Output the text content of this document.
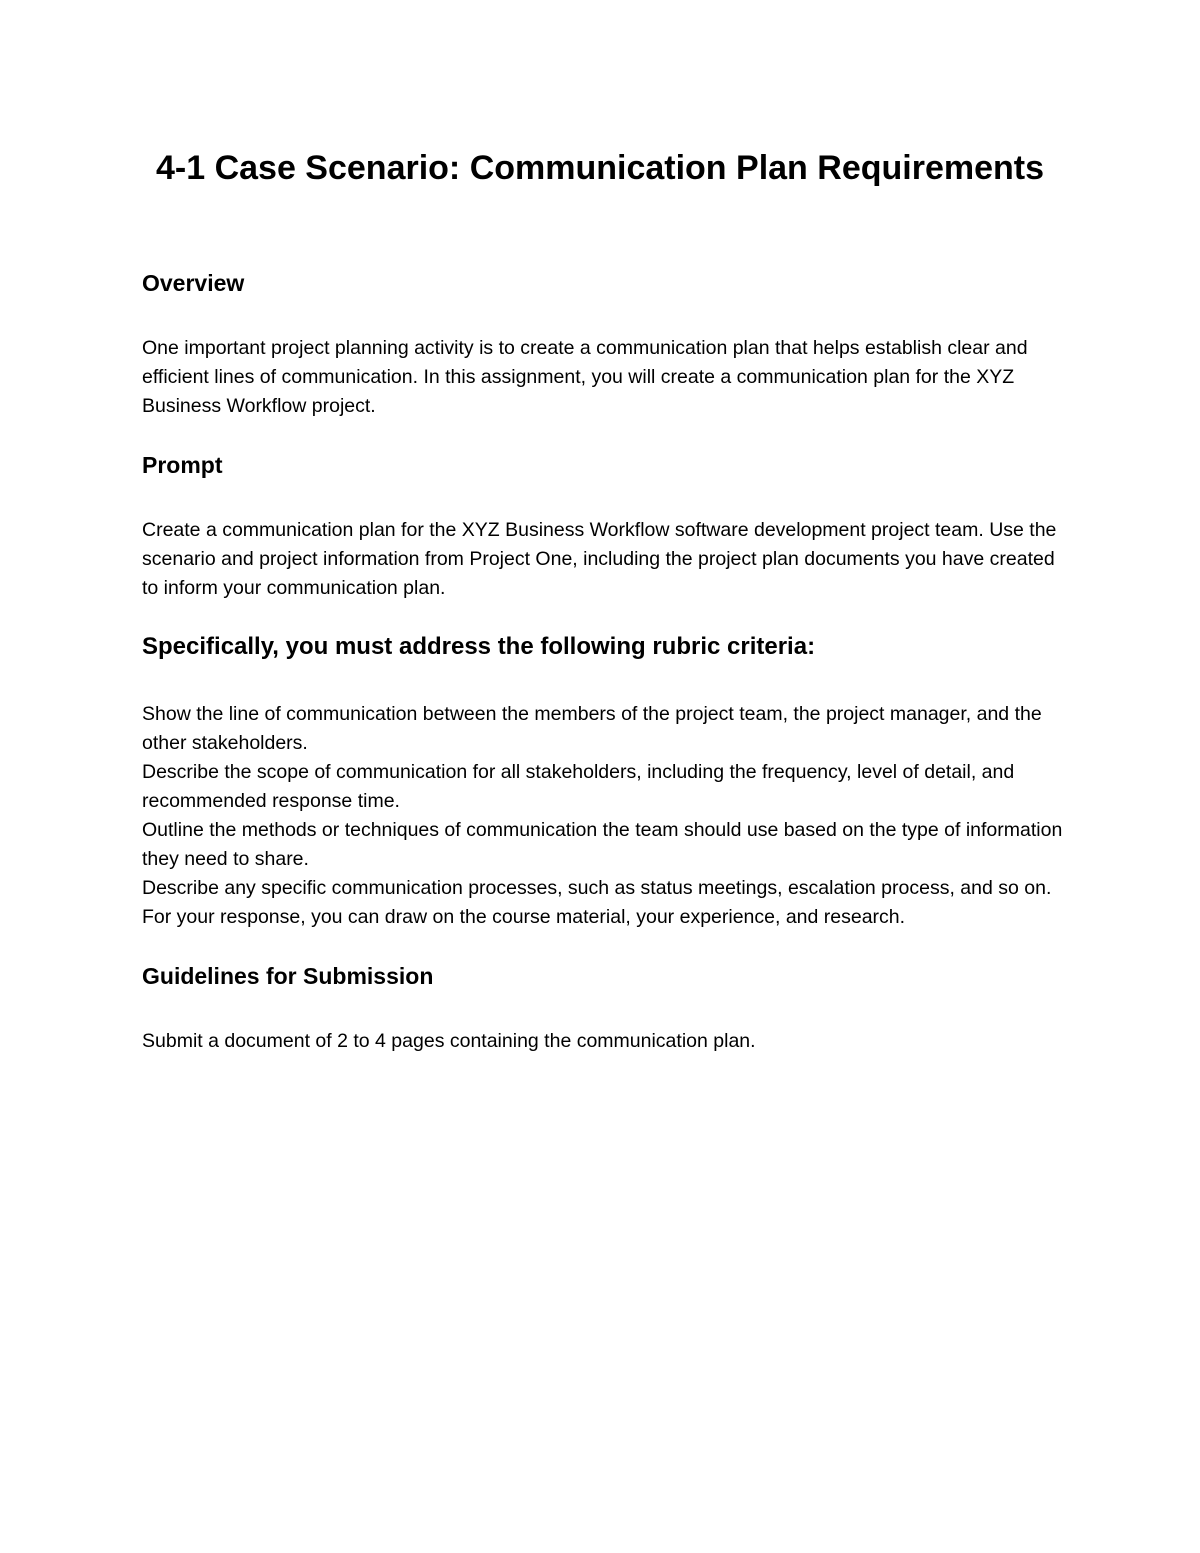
4-1 Case Scenario: Communication Plan Requirements
Overview

One important project planning activity is to create a communication plan that helps establish clear and efficient lines of communication. In this assignment, you will create a communication plan for the XYZ Business Workflow project.

Prompt

Create a communication plan for the XYZ Business Workflow software development project team. Use the scenario and project information from Project One, including the project plan documents you have created to inform your communication plan.

Specifically, you must address the following rubric criteria:
Show the line of communication between the members of the project team, the project manager, and the other stakeholders.
Describe the scope of communication for all stakeholders, including the frequency, level of detail, and recommended response time.
Outline the methods or techniques of communication the team should use based on the type of information they need to share.
Describe any specific communication processes, such as status meetings, escalation process, and so on.
For your response, you can draw on the course material, your experience, and research.
Guidelines for Submission

Submit a document of 2 to 4 pages containing the communication plan.
